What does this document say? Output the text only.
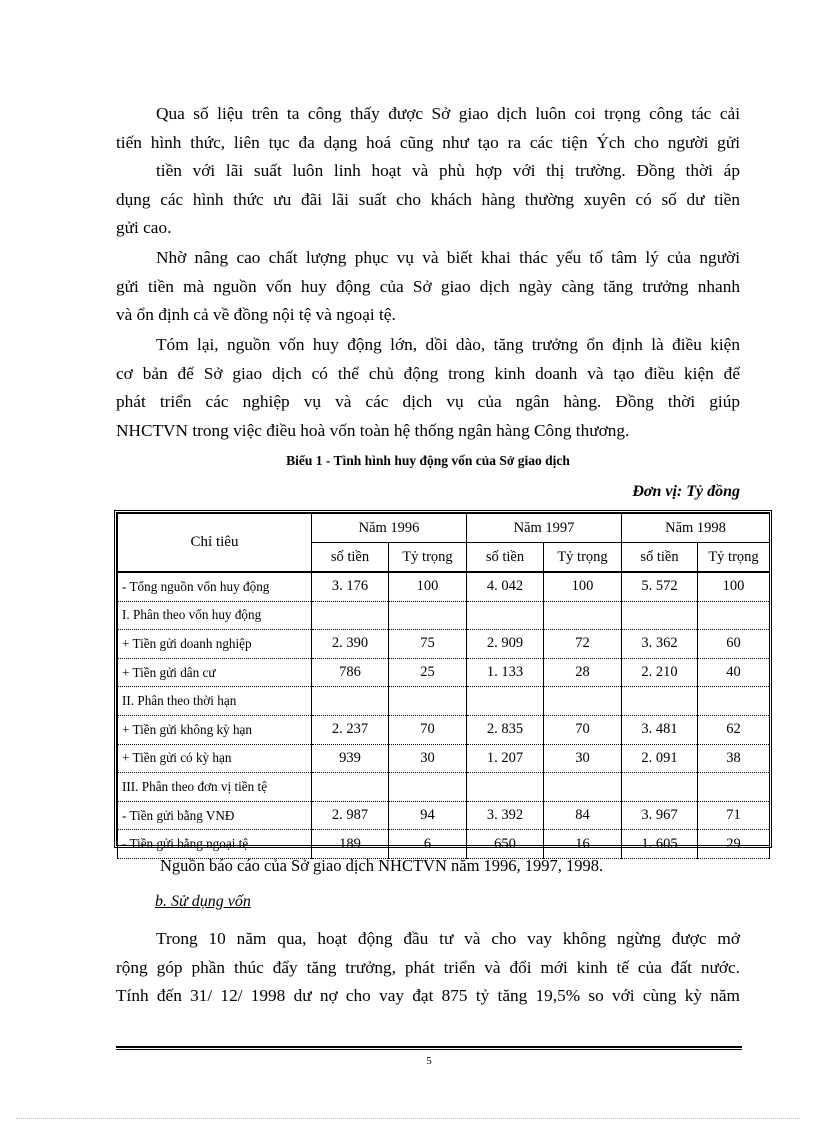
Qua số liệu trên ta công thấy được Sở giao dịch luôn coi trọng công tác cải
tiến hình thức, liên tục đa dạng hoá cũng như tạo ra các tiện Ých cho người gửi
tiền với lãi suất luôn linh hoạt và phù hợp với thị trường. Đồng thời áp
dụng các hình thức ưu đãi lãi suất cho khách hàng thường xuyên có số dư tiền
gửi cao.
Nhờ nâng cao chất lượng phục vụ và biết khai thác yếu tố tâm lý của người
gửi tiền mà nguồn vốn huy động của Sở giao dịch ngày càng tăng trưởng nhanh
và ổn định cả về đồng nội tệ và ngoại tệ.
Tóm lại, nguồn vốn huy động lớn, dồi dào, tăng trưởng ổn định là điều kiện
cơ bản để Sở giao dịch có thể chủ động trong kinh doanh và tạo điều kiện để
phát triển các nghiệp vụ và các dịch vụ của ngân hàng. Đồng thời giúp
NHCTVN trong việc điều hoà vốn toàn hệ thống ngân hàng Công thương.
Biểu 1 - Tình hình huy động vốn của Sở giao dịch
Đơn vị: Tỷ đồng
Chỉ tiêu	Năm 1996		Năm 1997		Năm 1998	
	số tiền	Tỷ trọng	số tiền	Tỷ trọng	số tiền	Tỷ trọng
- Tổng nguồn vốn huy động	3. 176	100	4. 042	100	5. 572	100
I. Phân theo vốn huy động						
+ Tiền gửi doanh nghiệp	2. 390	75	2. 909	72	3. 362	60
+ Tiền gửi dân cư	786	25	1. 133	28	2. 210	40
II. Phân theo thời hạn						
+ Tiền gửi không kỳ hạn	2. 237	70	2. 835	70	3. 481	62
+ Tiền gửi có kỳ hạn	939	30	1. 207	30	2. 091	38
III. Phân theo đơn vị tiền tệ						
- Tiền gửi bằng VNĐ	2. 987	94	3. 392	84	3. 967	71
- Tiền gửi bằng ngoại tệ	189	6	650	16	1. 605	29
Nguồn báo cáo của Sở giao dịch NHCTVN năm 1996, 1997, 1998.
b. Sử dụng vốn
Trong 10 năm qua, hoạt động đầu tư và cho vay không ngừng được mở
rộng góp phần thúc đẩy tăng trưởng, phát triển và đổi mới kinh tế của đất nước.
Tính đến 31/ 12/ 1998 dư nợ cho vay đạt 875 tỷ tăng 19,5% so với cùng kỳ năm
5
